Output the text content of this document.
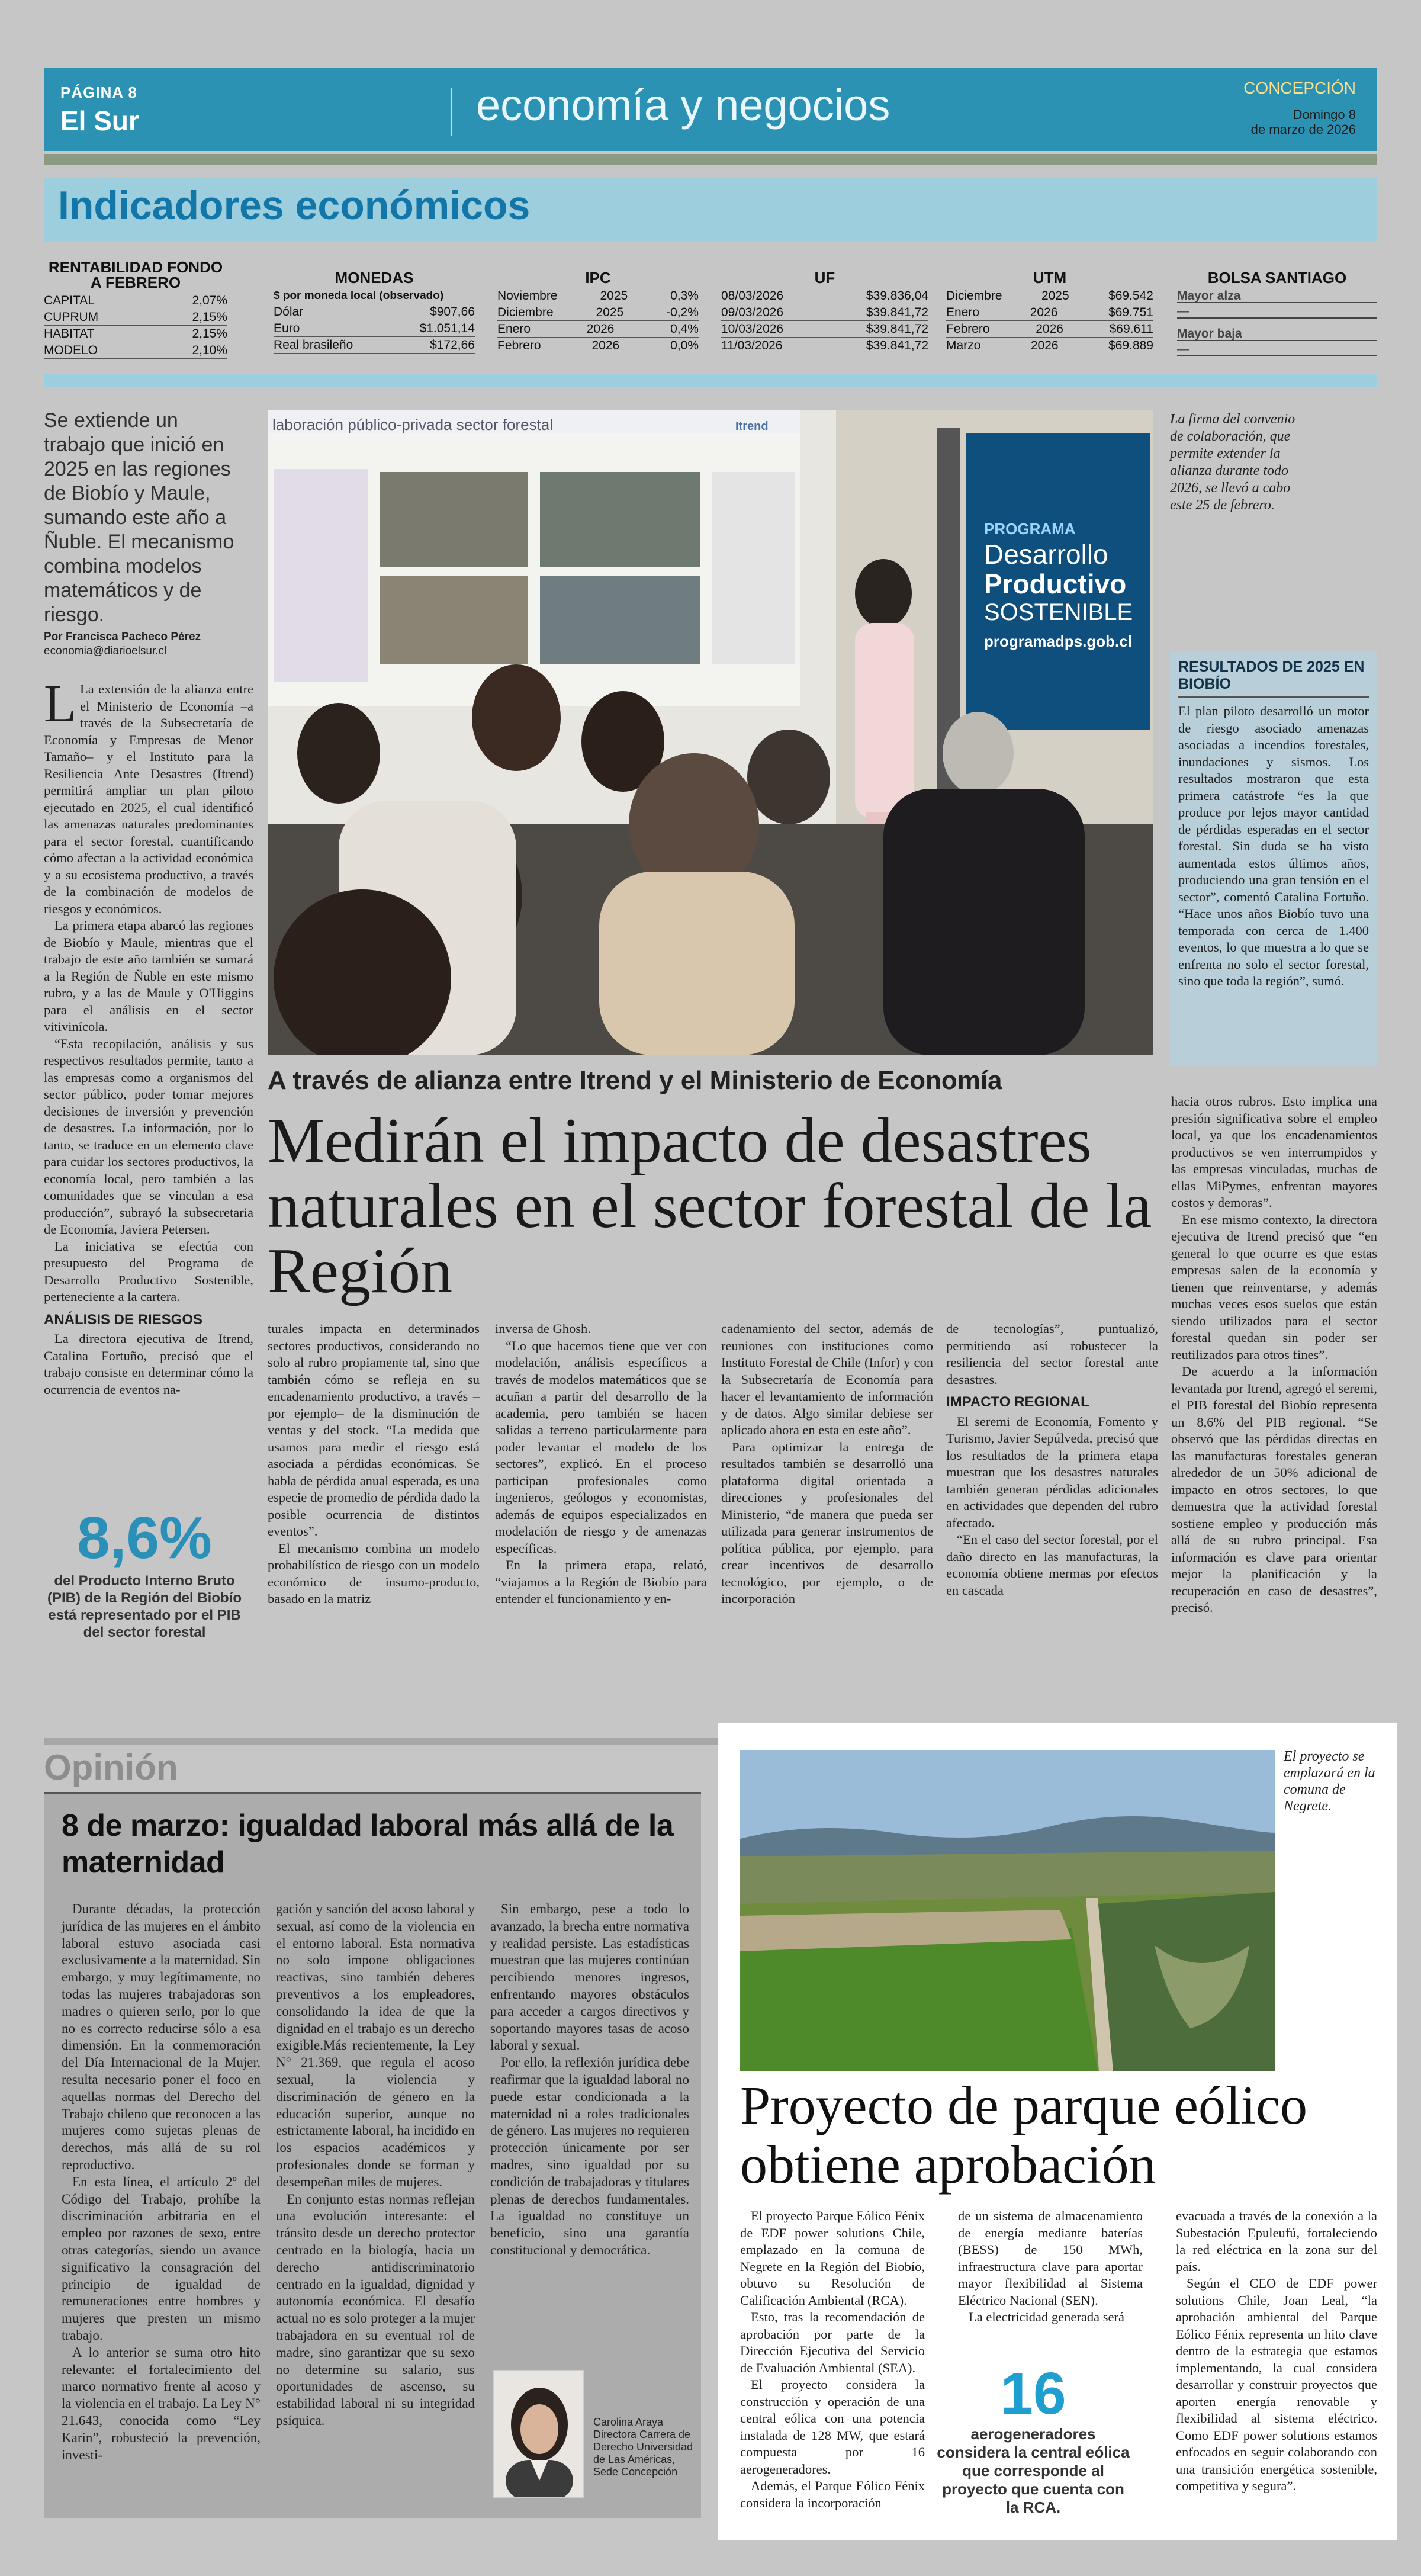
PÁGINA 8
El Sur	economía y negocios	CONCEPCIÓN
Domingo 8
de marzo de 2026
Indicadores económicos
RENTABILIDAD FONDO A FEBRERO
CAPITAL	2,07%
CUPRUM	2,15%
HABITAT	2,15%
MODELO	2,10%
MONEDAS
$ por moneda local (observado)
Dólar	$907,66
Euro	$1.051,14
Real brasileño	$172,66
IPC
Noviembre	2025	0,3%
Diciembre	2025	-0,2%
Enero	2026	0,4%
Febrero	2026	0,0%
UF
08/03/2026	$39.836,04
09/03/2026	$39.841,72
10/03/2026	$39.841,72
11/03/2026	$39.841,72
UTM
Diciembre	2025	$69.542
Enero	2026	$69.751
Febrero	2026	$69.611
Marzo	2026	$69.889
BOLSA SANTIAGO
Mayor alza
—
Mayor baja
—
Se extiende un trabajo que inició en 2025 en las regiones de Biobío y Maule, sumando este año a Ñuble. El mecanismo combina modelos matemáticos y de riesgo.
Por Francisca Pacheco Pérez
economia@diarioelsur.cl

L La extensión de la alianza entre el Ministerio de Economía –a través de la Subsecretaría de Economía y Empresas de Menor Tamaño– y el Instituto para la Resiliencia Ante Desastres (Itrend) permitirá ampliar un plan piloto ejecutado en 2025, el cual identificó las amenazas naturales predominantes para el sector forestal, cuantificando cómo afectan a la actividad económica y a su ecosistema productivo, a través de la combinación de modelos de riesgos y económicos.

La primera etapa abarcó las regiones de Biobío y Maule, mientras que el trabajo de este año también se sumará a la Región de Ñuble en este mismo rubro, y a las de Maule y O'Higgins para el análisis en el sector vitivinícola.

“Esta recopilación, análisis y sus respectivos resultados permite, tanto a las empresas como a organismos del sector público, poder tomar mejores decisiones de inversión y prevención de desastres. La información, por lo tanto, se traduce en un elemento clave para cuidar los sectores productivos, la economía local, pero también a las comunidades que se vinculan a esa producción”, subrayó la subsecretaria de Economía, Javiera Petersen.

La iniciativa se efectúa con presupuesto del Programa de Desarrollo Productivo Sostenible, perteneciente a la cartera.

ANÁLISIS DE RIESGOS

La directora ejecutiva de Itrend, Catalina Fortuño, precisó que el trabajo consiste en determinar cómo la ocurrencia de eventos na-

8,6%
del Producto Interno Bruto (PIB) de la Región del Biobío está representado por el PIB del sector forestal
PROGRAMA
Desarrollo
Productivo
SOSTENIBLE
programadps.gob.cl
laboración público-privada sector forestal	Itrend	La firma del convenio de colaboración, que permite extender la alianza durante todo 2026, se llevó a cabo este 25 de febrero.
RESULTADOS DE 2025 EN BIOBÍO
El plan piloto desarrolló un motor de riesgo asociado amenazas asociadas a incendios forestales, inundaciones y sismos. Los resultados mostraron que esta primera catástrofe “es la que produce por lejos mayor cantidad de pérdidas esperadas en el sector forestal. Sin duda se ha visto aumentada estos últimos años, produciendo una gran tensión en el sector”, comentó Catalina Fortuño. “Hace unos años Biobío tuvo una temporada con cerca de 1.400 eventos, lo que muestra a lo que se enfrenta no solo el sector forestal, sino que toda la región”, sumó.
A través de alianza entre Itrend y el Ministerio de Economía
Medirán el impacto de desastres naturales en el sector forestal de la Región

turales impacta en determinados sectores productivos, considerando no solo al rubro propiamente tal, sino que también cómo se refleja en su encadenamiento productivo, a través –por ejemplo– de la disminución de ventas y del stock. “La medida que usamos para medir el riesgo está asociada a pérdidas económicas. Se habla de pérdida anual esperada, es una especie de promedio de pérdida dado la posible ocurrencia de distintos eventos”.

El mecanismo combina un modelo probabilístico de riesgo con un modelo económico de insumo-producto, basado en la matriz

inversa de Ghosh.

“Lo que hacemos tiene que ver con modelación, análisis específicos a través de modelos matemáticos que se acuñan a partir del desarrollo de la academia, pero también se hacen salidas a terreno particularmente para poder levantar el modelo de los sectores”, explicó. En el proceso participan profesionales como ingenieros, geólogos y economistas, además de equipos especializados en modelación de riesgo y de amenazas específicas.

En la primera etapa, relató, “viajamos a la Región de Biobío para entender el funcionamiento y en-

cadenamiento del sector, además de reuniones con instituciones como Instituto Forestal de Chile (Infor) y con la Subsecretaría de Economía para hacer el levantamiento de información y de datos. Algo similar debiese ser aplicado ahora en esta en este año”.

Para optimizar la entrega de resultados también se desarrolló una plataforma digital orientada a direcciones y profesionales del Ministerio, “de manera que pueda ser utilizada para generar instrumentos de política pública, por ejemplo, para crear incentivos de desarrollo tecnológico, por ejemplo, o de incorporación

de tecnologías”, puntualizó, permitiendo así robustecer la resiliencia del sector forestal ante desastres.

IMPACTO REGIONAL

El seremi de Economía, Fomento y Turismo, Javier Sepúlveda, precisó que los resultados de la primera etapa muestran que los desastres naturales también generan pérdidas adicionales en actividades que dependen del rubro afectado.

“En el caso del sector forestal, por el daño directo en las manufacturas, la economía obtiene mermas por efectos en cascada

hacia otros rubros. Esto implica una presión significativa sobre el empleo local, ya que los encadenamientos productivos se ven interrumpidos y las empresas vinculadas, muchas de ellas MiPymes, enfrentan mayores costos y demoras”.

En ese mismo contexto, la directora ejecutiva de Itrend precisó que “en general lo que ocurre es que estas empresas salen de la economía y tienen que reinventarse, y además muchas veces esos suelos que están siendo utilizados para el sector forestal quedan sin poder ser reutilizados para otros fines”.

De acuerdo a la información levantada por Itrend, agregó el seremi, el PIB forestal del Biobío representa un 8,6% del PIB regional. “Se observó que las pérdidas directas en las manufacturas forestales generan alrededor de un 50% adicional de impacto en otros sectores, lo que demuestra que la actividad forestal sostiene empleo y producción más allá de su rubro principal. Esa información es clave para orientar mejor la planificación y la recuperación en caso de desastres”, precisó.

Opinión
8 de marzo: igualdad laboral más allá de la maternidad

Durante décadas, la protección jurídica de las mujeres en el ámbito laboral estuvo asociada casi exclusivamente a la maternidad. Sin embargo, y muy legítimamente, no todas las mujeres trabajadoras son madres o quieren serlo, por lo que no es correcto reducirse sólo a esa dimensión. En la conmemoración del Día Internacional de la Mujer, resulta necesario poner el foco en aquellas normas del Derecho del Trabajo chileno que reconocen a las mujeres como sujetas plenas de derechos, más allá de su rol reproductivo.

En esta línea, el artículo 2º del Código del Trabajo, prohíbe la discriminación arbitraria en el empleo por razones de sexo, entre otras categorías, siendo un avance significativo la consagración del principio de igualdad de remuneraciones entre hombres y mujeres que presten un mismo trabajo.

A lo anterior se suma otro hito relevante: el fortalecimiento del marco normativo frente al acoso y la violencia en el trabajo. La Ley N° 21.643, conocida como “Ley Karin”, robusteció la prevención, investi-

gación y sanción del acoso laboral y sexual, así como de la violencia en el entorno laboral. Esta normativa no solo impone obligaciones reactivas, sino también deberes preventivos a los empleadores, consolidando la idea de que la dignidad en el trabajo es un derecho exigible.Más recientemente, la Ley N° 21.369, que regula el acoso sexual, la violencia y discriminación de género en la educación superior, aunque no estrictamente laboral, ha incidido en los espacios académicos y profesionales donde se forman y desempeñan miles de mujeres.

En conjunto estas normas reflejan una evolución interesante: el tránsito desde un derecho protector centrado en la biología, hacia un derecho antidiscriminatorio centrado en la igualdad, dignidad y autonomía económica. El desafío actual no es solo proteger a la mujer trabajadora en su eventual rol de madre, sino garantizar que su sexo no determine su salario, sus oportunidades de ascenso, su estabilidad laboral ni su integridad psíquica.

Sin embargo, pese a todo lo avanzado, la brecha entre normativa y realidad persiste. Las estadísticas muestran que las mujeres continúan percibiendo menores ingresos, enfrentando mayores obstáculos para acceder a cargos directivos y soportando mayores tasas de acoso laboral y sexual.

Por ello, la reflexión jurídica debe reafirmar que la igualdad laboral no puede estar condicionada a la maternidad ni a roles tradicionales de género. Las mujeres no requieren protección únicamente por ser madres, sino igualdad por su condición de trabajadoras y titulares plenas de derechos fundamentales. La igualdad no constituye un beneficio, sino una garantía constitucional y democrática.

Carolina Araya
Directora Carrera de Derecho Universidad de Las Américas, Sede Concepción
El proyecto se emplazará en la comuna de Negrete.
Proyecto de parque eólico obtiene aprobación

El proyecto Parque Eólico Fénix de EDF power solutions Chile, emplazado en la comuna de Negrete en la Región del Biobío, obtuvo su Resolución de Calificación Ambiental (RCA).

Esto, tras la recomendación de aprobación por parte de la Dirección Ejecutiva del Servicio de Evaluación Ambiental (SEA).

El proyecto considera la construcción y operación de una central eólica con una potencia instalada de 128 MW, que estará compuesta por 16 aerogeneradores.

Además, el Parque Eólico Fénix considera la incorporación

de un sistema de almacenamiento de energía mediante baterías (BESS) de 150 MWh, infraestructura clave para aportar mayor flexibilidad al Sistema Eléctrico Nacional (SEN).

La electricidad generada será

16
aerogeneradores considera la central eólica que corresponde al proyecto que cuenta con la RCA.

evacuada a través de la conexión a la Subestación Epuleufú, fortaleciendo la red eléctrica en la zona sur del país.

Según el CEO de EDF power solutions Chile, Joan Leal, “la aprobación ambiental del Parque Eólico Fénix representa un hito clave dentro de la estrategia que estamos implementando, la cual considera desarrollar y construir proyectos que aporten energía renovable y flexibilidad al sistema eléctrico. Como EDF power solutions estamos enfocados en seguir colaborando con una transición energética sostenible, competitiva y segura”.
